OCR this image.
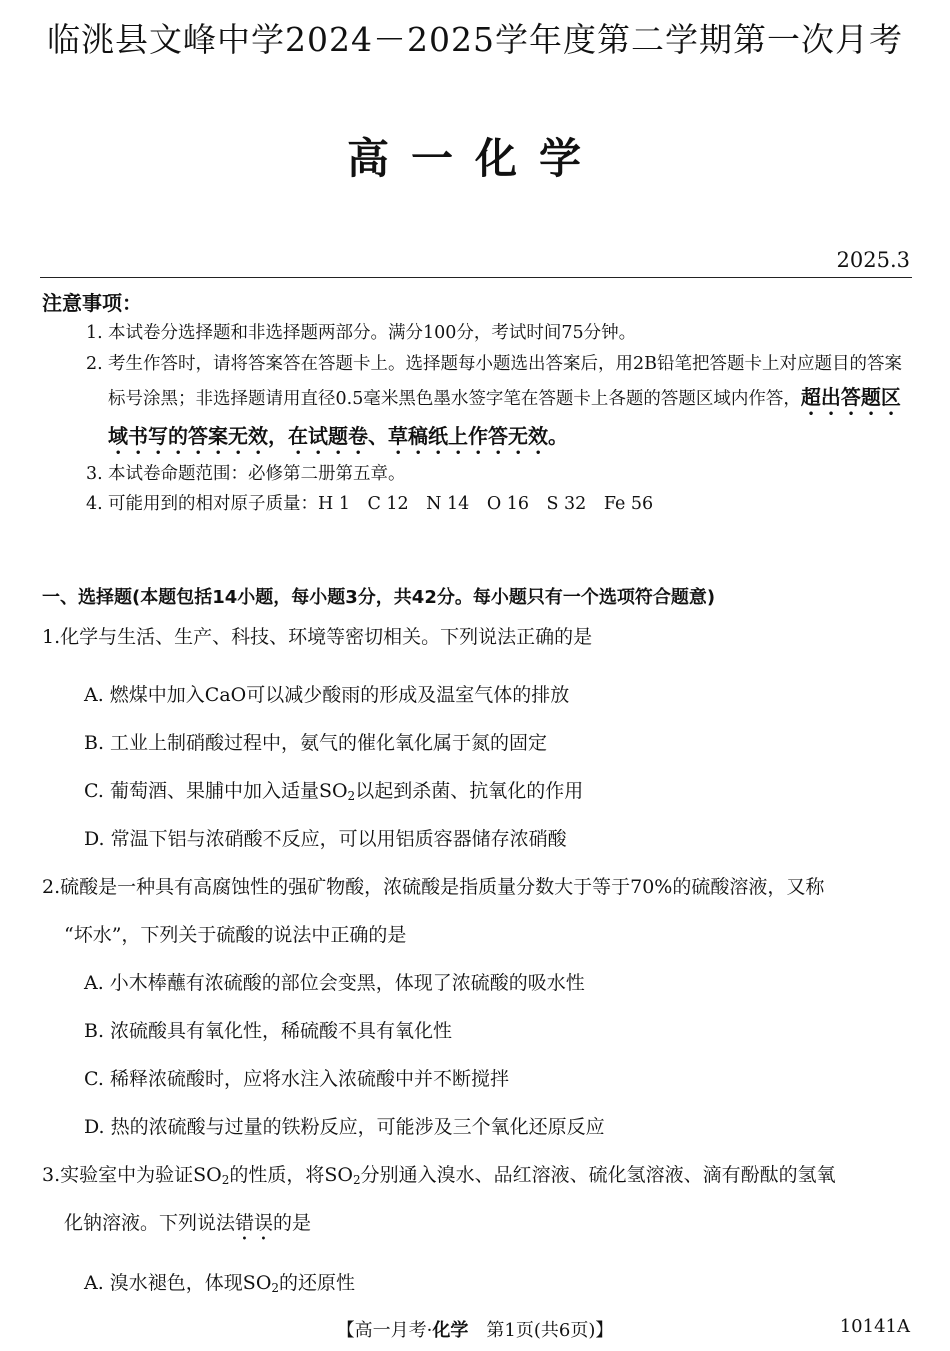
临洮县文峰中学2024－2025学年度第二学期第一次月考
高一化学
2025.3
注意事项：
1. 本试卷分选择题和非选择题两部分。满分100分，考试时间75分钟。
2. 考生作答时，请将答案答在答题卡上。选择题每小题选出答案后，用2B铅笔把答题卡上对应题目的答案标号涂黑；非选择题请用直径0.5毫米黑色墨水签字笔在答题卡上各题的答题区域内作答，超出答题区域书写的答案无效，在试题卷、草稿纸上作答无效。
3. 本试卷命题范围：必修第二册第五章。
4. 可能用到的相对原子质量：H 1　C 12　N 14　O 16　S 32　Fe 56
一、选择题(本题包括14小题，每小题3分，共42分。每小题只有一个选项符合题意)
1.化学与生活、生产、科技、环境等密切相关。下列说法正确的是
A. 燃煤中加入CaO可以减少酸雨的形成及温室气体的排放
B. 工业上制硝酸过程中，氨气的催化氧化属于氮的固定
C. 葡萄酒、果脯中加入适量$SO_2$以起到杀菌、抗氧化的作用
D. 常温下铝与浓硝酸不反应，可以用铝质容器储存浓硝酸
2.硫酸是一种具有高腐蚀性的强矿物酸，浓硫酸是指质量分数大于等于70%的硫酸溶液，又称
“坏水”，下列关于硫酸的说法中正确的是
A. 小木棒蘸有浓硫酸的部位会变黑，体现了浓硫酸的吸水性
B. 浓硫酸具有氧化性，稀硫酸不具有氧化性
C. 稀释浓硫酸时，应将水注入浓硫酸中并不断搅拌
D. 热的浓硫酸与过量的铁粉反应，可能涉及三个氧化还原反应
3.实验室中为验证$SO_2$的性质，将$SO_2$分别通入溴水、品红溶液、硫化氢溶液、滴有酚酞的氢氧
化钠溶液。下列说法错误的是
A. 溴水褪色，体现$SO_2$的还原性
【高一月考·化学　第1页(共6页)】	10141A
